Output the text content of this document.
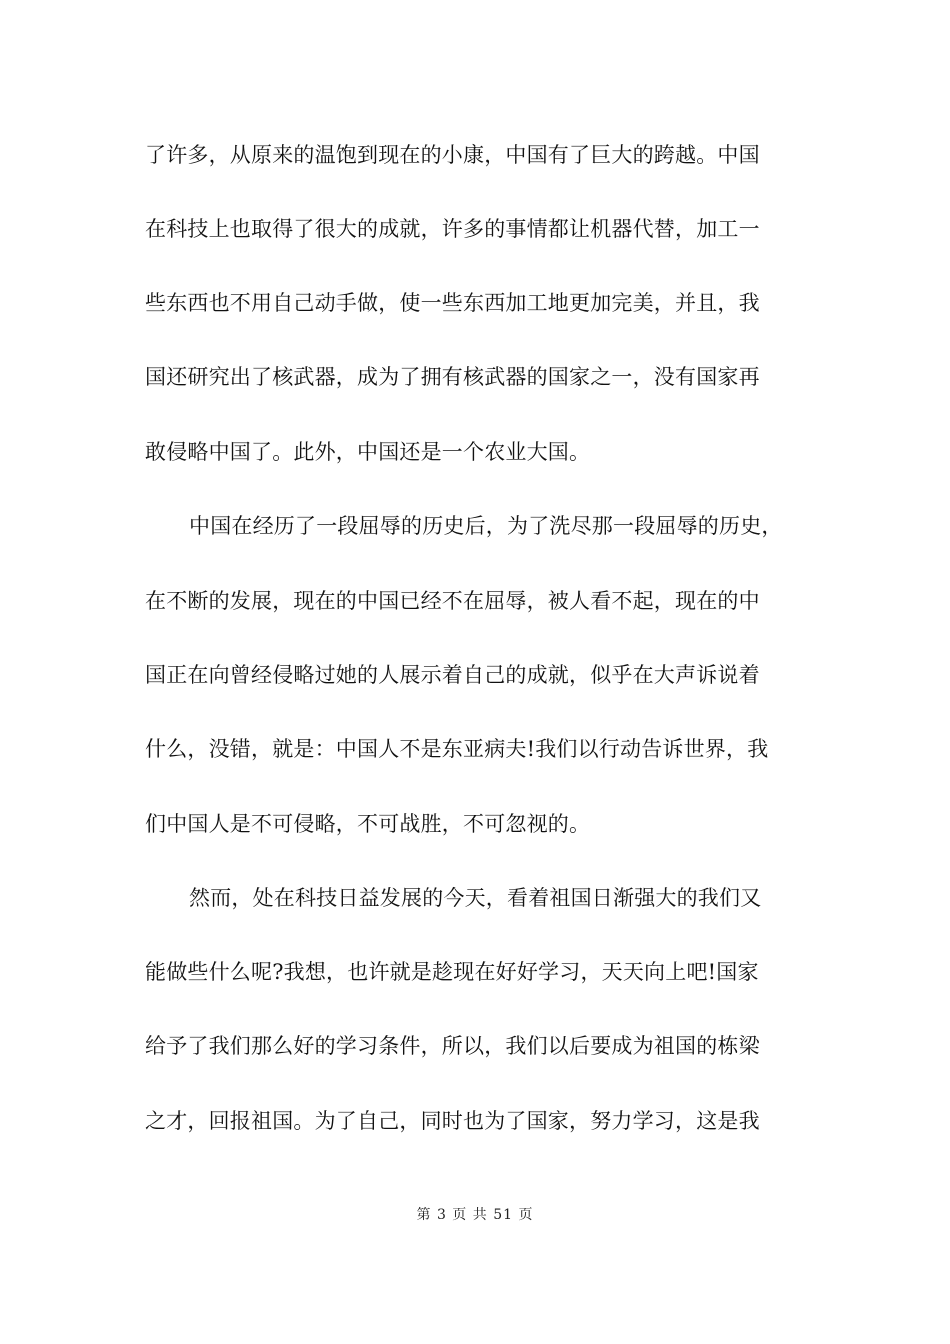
了许多，从原来的温饱到现在的小康，中国有了巨大的跨越。中国
在科技上也取得了很大的成就，许多的事情都让机器代替，加工一
些东西也不用自己动手做，使一些东西加工地更加完美，并且，我
国还研究出了核武器，成为了拥有核武器的国家之一，没有国家再
敢侵略中国了。此外，中国还是一个农业大国。
中国在经历了一段屈辱的历史后，为了洗尽那一段屈辱的历史，
在不断的发展，现在的中国已经不在屈辱，被人看不起，现在的中
国正在向曾经侵略过她的人展示着自己的成就，似乎在大声诉说着
什么，没错，就是：中国人不是东亚病夫!我们以行动告诉世界，我
们中国人是不可侵略，不可战胜，不可忽视的。
然而，处在科技日益发展的今天，看着祖国日渐强大的我们又
能做些什么呢?我想，也许就是趁现在好好学习，天天向上吧!国家
给予了我们那么好的学习条件，所以，我们以后要成为祖国的栋梁
之才，回报祖国。为了自己，同时也为了国家，努力学习，这是我
第 3 页 共 51 页
